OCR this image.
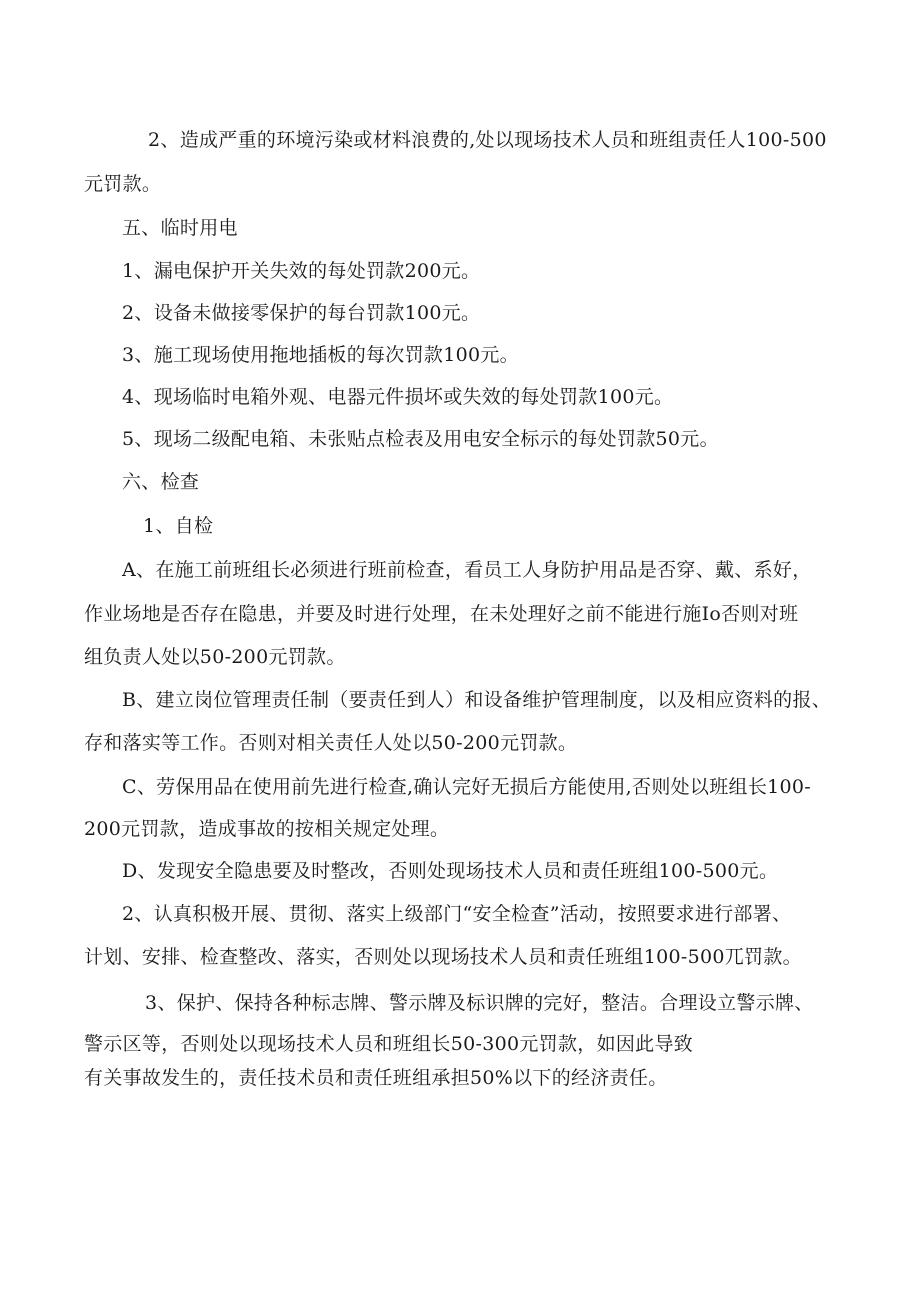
2、造成严重的环境污染或材料浪费的,处以现场技术人员和班组责任人100-500

元罚款。

五、临时用电

1、漏电保护开关失效的每处罚款200元。

2、设备未做接零保护的每台罚款100元。

3、施工现场使用拖地插板的每次罚款100元。

4、现场临时电箱外观、电器元件损坏或失效的每处罚款100元。

5、现场二级配电箱、未张贴点检表及用电安全标示的每处罚款50元。

六、检查

1、自检

A、在施工前班组长必须进行班前检查，看员工人身防护用品是否穿、戴、系好，

作业场地是否存在隐患，并要及时进行处理，在未处理好之前不能进行施Io否则对班

组负责人处以50-200元罚款。

B、建立岗位管理责任制（要责任到人）和设备维护管理制度，以及相应资料的报、

存和落实等工作。否则对相关责任人处以50-200元罚款。

C、劳保用品在使用前先进行检查,确认完好无损后方能使用,否则处以班组长100-

200元罚款，造成事故的按相关规定处理。

D、发现安全隐患要及时整改，否则处现场技术人员和责任班组100-500元。

2、认真积极开展、贯彻、落实上级部门“安全检查”活动，按照要求进行部署、

计划、安排、检查整改、落实，否则处以现场技术人员和责任班组100-500兀罚款。

3、保护、保持各种标志牌、警示牌及标识牌的完好，整洁。合理设立警示牌、

警示区等，否则处以现场技术人员和班组长50-300元罚款，如因此导致

有关事故发生的，责任技术员和责任班组承担50%以下的经济责任。
